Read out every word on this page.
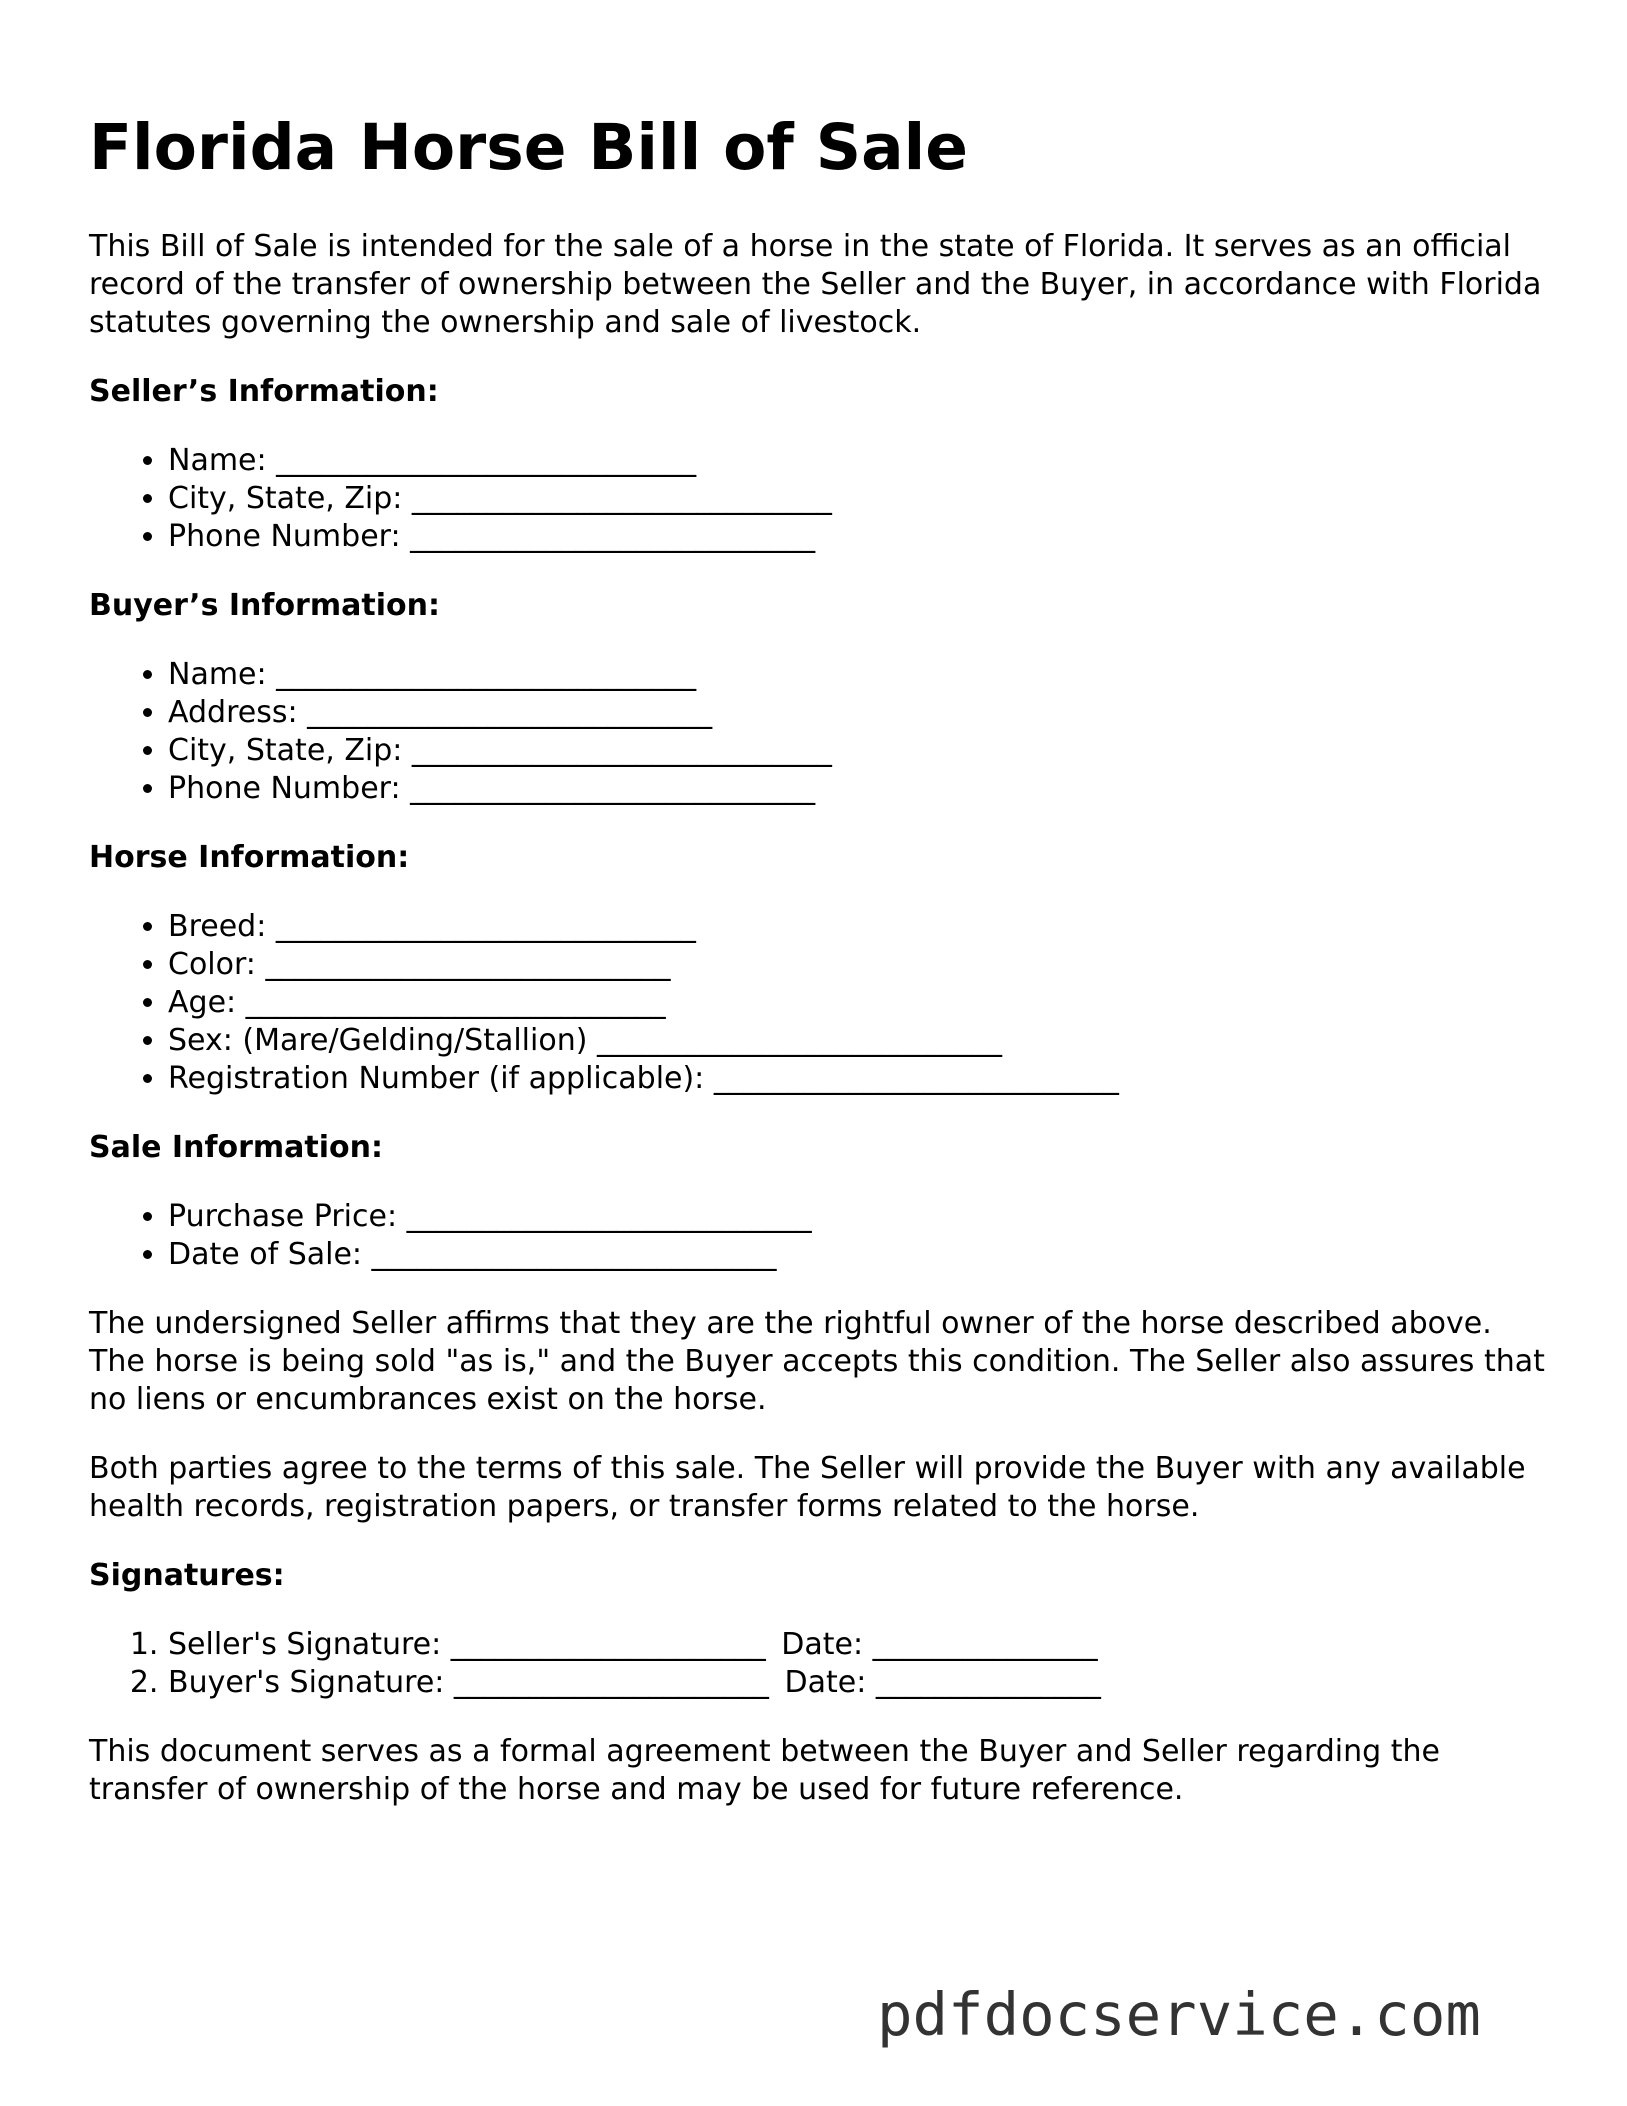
Florida Horse Bill of Sale

This Bill of Sale is intended for the sale of a horse in the state of Florida. It serves as an official record of the transfer of ownership between the Seller and the Buyer, in accordance with Florida statutes governing the ownership and sale of livestock.

Seller’s Information:
• Name: ____________________________
• City, State, Zip: ____________________________
• Phone Number: ___________________________
Buyer’s Information:
• Name: ____________________________
• Address: ___________________________
• City, State, Zip: ____________________________
• Phone Number: ___________________________
Horse Information:
• Breed: ____________________________
• Color: ___________________________
• Age: ____________________________
• Sex: (Mare/Gelding/Stallion) ___________________________
• Registration Number (if applicable): ___________________________
Sale Information:
• Purchase Price: ___________________________
• Date of Sale: ___________________________

The undersigned Seller affirms that they are the rightful owner of the horse described above. The horse is being sold "as is," and the Buyer accepts this condition. The Seller also assures that no liens or encumbrances exist on the horse.

Both parties agree to the terms of this sale. The Seller will provide the Buyer with any available health records, registration papers, or transfer forms related to the horse.

Signatures:
1. Seller's Signature: _____________________ Date: _______________
2. Buyer's Signature: _____________________ Date: _______________

This document serves as a formal agreement between the Buyer and Seller regarding the transfer of ownership of the horse and may be used for future reference.

pdfdocservice.com
